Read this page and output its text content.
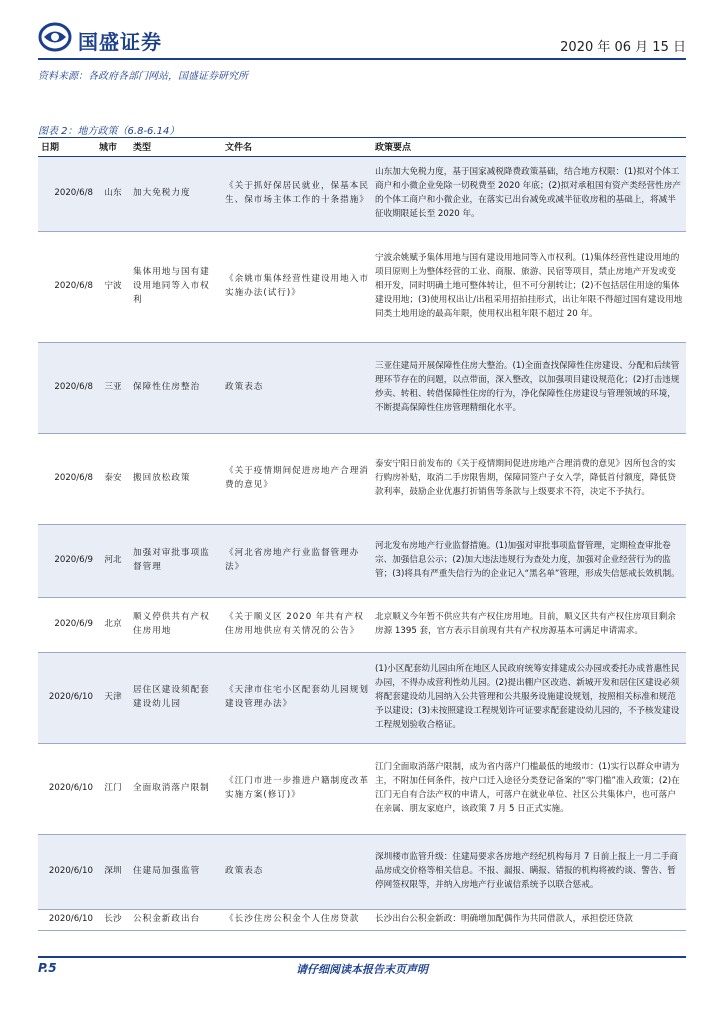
国盛证券	2020 年 06 月 15 日
资料来源：各政府各部门网站，国盛证券研究所
图表 2：地方政策（6.8-6.14）
日期	城市	类型	文件名	政策要点
2020/6/8	山东	加大免税力度	《关于抓好保居民就业，保基本民生、保市场主体工作的十条措施》	山东加大免税力度，基于国家减税降费政策基础，结合地方权限：(1)拟对个体工商户和小微企业免除一切税费至 2020 年底；(2)拟对承租国有资产类经营性房产的个体工商户和小微企业，在落实已出台减免或减半征收房租的基础上，将减半征收期限延长至 2020 年。
2020/6/8	宁波	集体用地与国有建设用地同等入市权利	《余姚市集体经营性建设用地入市实施办法(试行)》	宁波余姚赋予集体用地与国有建设用地同等入市权利。(1)集体经营性建设用地的项目原则上为整体经营的工业、商服、旅游、民宿等项目，禁止房地产开发或变相开发，同时明确土地可整体转让，但不可分割转让；(2)不包括居住用途的集体建设用地；(3)使用权出让/出租采用招拍挂形式，出让年限不得超过国有建设用地同类土地用途的最高年限，使用权出租年限不超过 20 年。
2020/6/8	三亚	保障性住房整治	政策表态	三亚住建局开展保障性住房大整治。(1)全面查找保障性住房建设、分配和后续管理环节存在的问题，以点带面，深入整改，以加强项目建设规范化；(2)打击违规炒卖、转租、转借保障性住房的行为，净化保障性住房建设与管理领域的环境，不断提高保障性住房管理精细化水平。
2020/6/8	泰安	搬回放松政策	《关于疫情期间促进房地产合理消费的意见》	泰安宁阳日前发布的《关于疫情期间促进房地产合理消费的意见》因所包含的实行购房补贴，取消二手房限售期，保障同签户子女入学，降低首付额度，降低贷款利率，鼓励企业优惠打折销售等条款与上级要求不符，决定不予执行。
2020/6/9	河北	加强对审批事项监督管理	《河北省房地产行业监督管理办法》	河北发布房地产行业监督措施。(1)加强对审批事项监督管理，定期检查审批卷宗、加强信息公示；(2)加大违法违规行为查处力度，加强对企业经营行为的监管；(3)将具有严重失信行为的企业记入“黑名单”管理，形成失信惩戒长效机制。
2020/6/9	北京	顺义停供共有产权住房用地	《关于顺义区 2020 年共有产权住房用地供应有关情况的公告》	北京顺义今年暂不供应共有产权住房用地。目前，顺义区共有产权住房项目剩余房源 1395 套，官方表示目前现有共有产权房源基本可满足申请需求。
2020/6/10	天津	居住区建设须配套建设幼儿园	《天津市住宅小区配套幼儿园规划建设管理办法》	(1)小区配套幼儿园由所在地区人民政府统筹安排建成公办园或委托办成普惠性民办园，不得办成营利性幼儿园。(2)提出棚户区改造、新城开发和居住区建设必须将配套建设幼儿园纳入公共管理和公共服务设施建设规划，按照相关标准和规范予以建设；(3)未按照建设工程规划许可证要求配套建设幼儿园的，不予核发建设工程规划验收合格证。
2020/6/10	江门	全面取消落户限制	《江门市进一步推进户籍制度改革实施方案(修订)》	江门全面取消落户限制，成为省内落户门槛最低的地级市：(1)实行以群众申请为主，不附加任何条件，按户口迁入途径分类登记备案的“零门槛”准入政策；(2)在江门无自有合法产权的申请人，可落户在就业单位、社区公共集体户，也可落户在亲属、朋友家庭户，该政策 7 月 5 日正式实施。
2020/6/10	深圳	住建局加强监管	政策表态	深圳楼市监管升级：住建局要求各房地产经纪机构每月 7 日前上报上一月二手商品房成交价格等相关信息。不报、漏报、瞒报、错报的机构将被约谈、警告、暂停网签权限等，并纳入房地产行业诚信系统予以联合惩戒。
2020/6/10	长沙	公积金新政出台	《长沙住房公积金个人住房贷款	长沙出台公积金新政：明确增加配偶作为共同借款人，承担偿还贷款
请仔细阅读本报告末页声明
P.5
